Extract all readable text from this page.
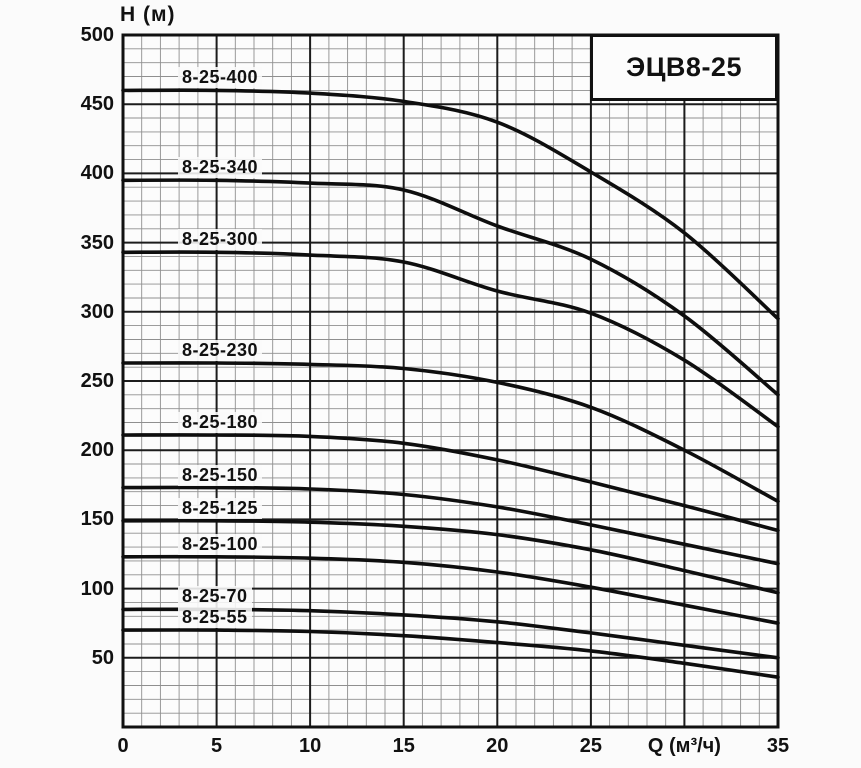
H (м)
500
450
400
350
300
250
200
150
100
50
0	5	10	15	20	25	Q (м³/ч)	35
8-25-400
8-25-340
8-25-300
8-25-230
8-25-180
8-25-150
8-25-125
8-25-100
8-25-70
8-25-55
ЭЦВ8-25
